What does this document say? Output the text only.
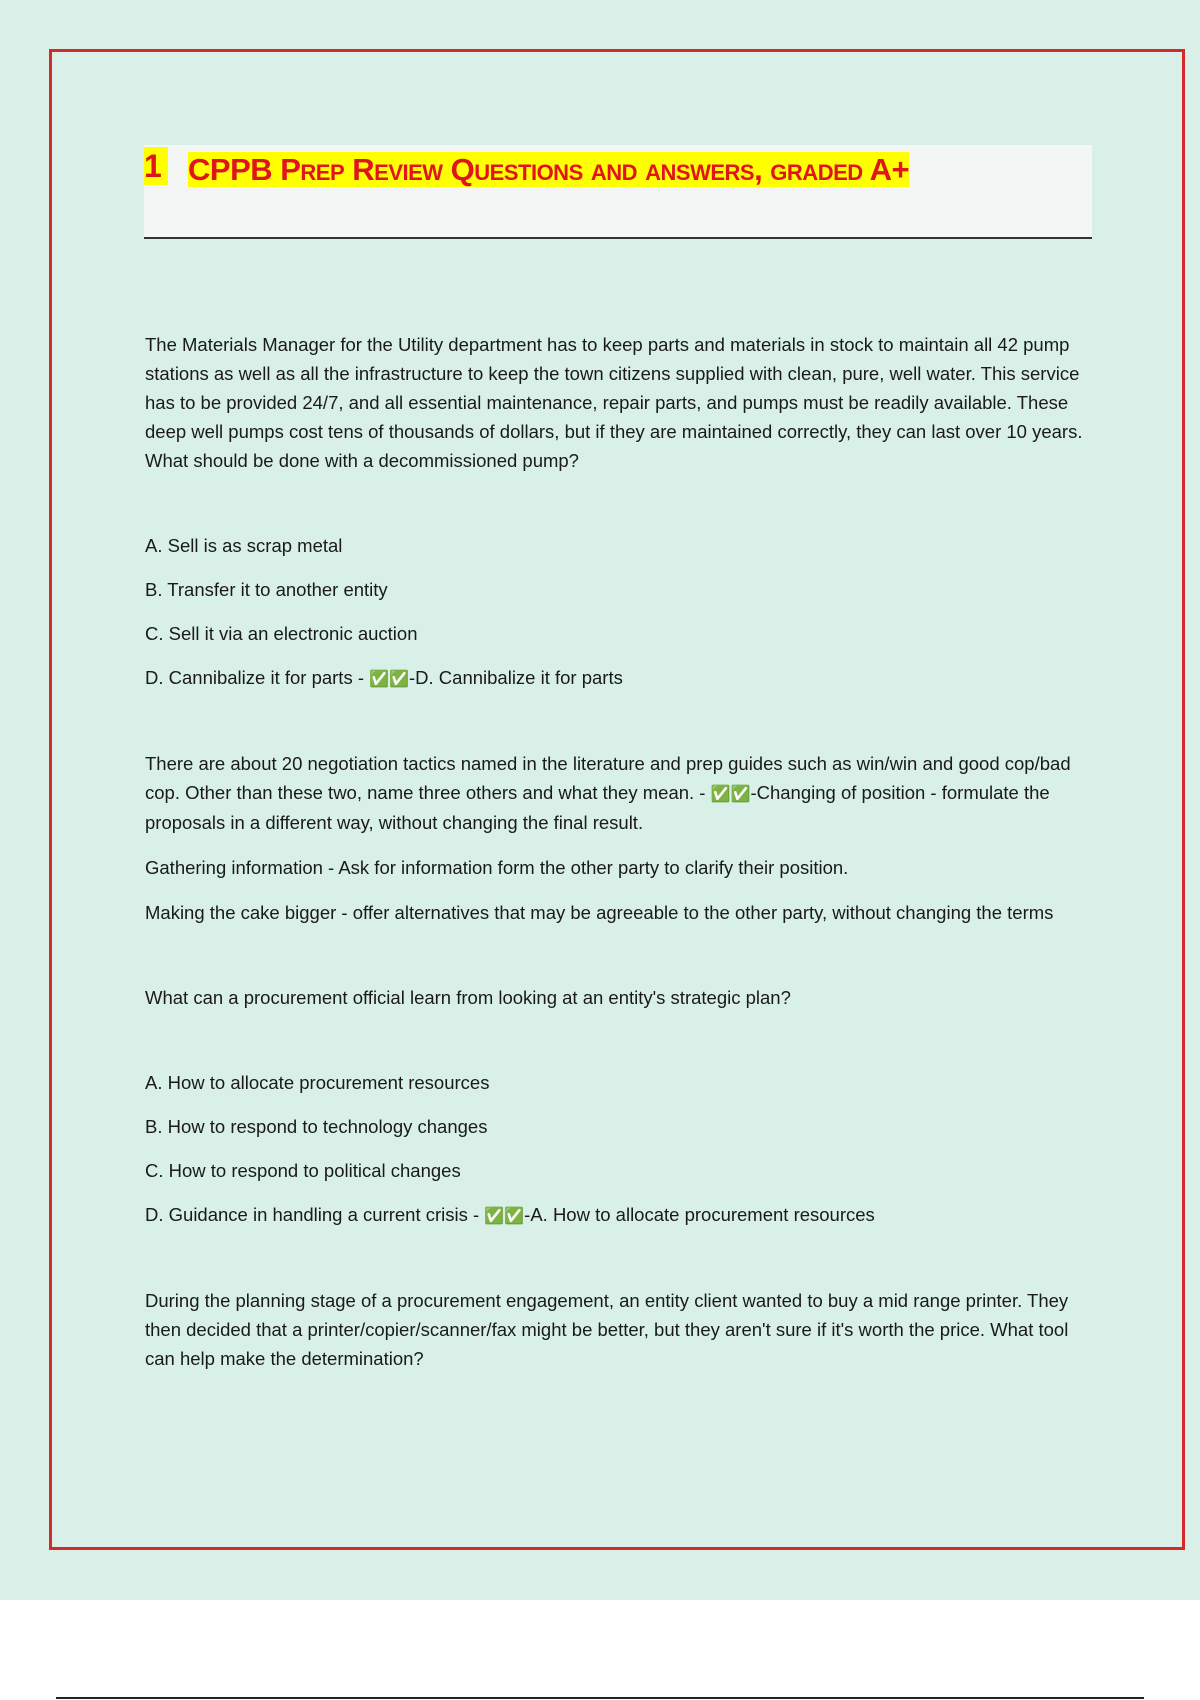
1 CPPB Prep Review Questions and answers, graded A+

The Materials Manager for the Utility department has to keep parts and materials in stock to maintain all 42 pump stations as well as all the infrastructure to keep the town citizens supplied with clean, pure, well water. This service has to be provided 24/7, and all essential maintenance, repair parts, and pumps must be readily available. These deep well pumps cost tens of thousands of dollars, but if they are maintained correctly, they can last over 10 years. What should be done with a decommissioned pump?

A. Sell is as scrap metal

B. Transfer it to another entity

C. Sell it via an electronic auction

D. Cannibalize it for parts - ✅✅-D. Cannibalize it for parts

There are about 20 negotiation tactics named in the literature and prep guides such as win/win and good cop/bad cop. Other than these two, name three others and what they mean. - ✅✅-Changing of position - formulate the proposals in a different way, without changing the final result.

Gathering information - Ask for information form the other party to clarify their position.

Making the cake bigger - offer alternatives that may be agreeable to the other party, without changing the terms

What can a procurement official learn from looking at an entity's strategic plan?

A. How to allocate procurement resources

B. How to respond to technology changes

C. How to respond to political changes

D. Guidance in handling a current crisis - ✅✅-A. How to allocate procurement resources

During the planning stage of a procurement engagement, an entity client wanted to buy a mid range printer. They then decided that a printer/copier/scanner/fax might be better, but they aren't sure if it's worth the price. What tool can help make the determination?
